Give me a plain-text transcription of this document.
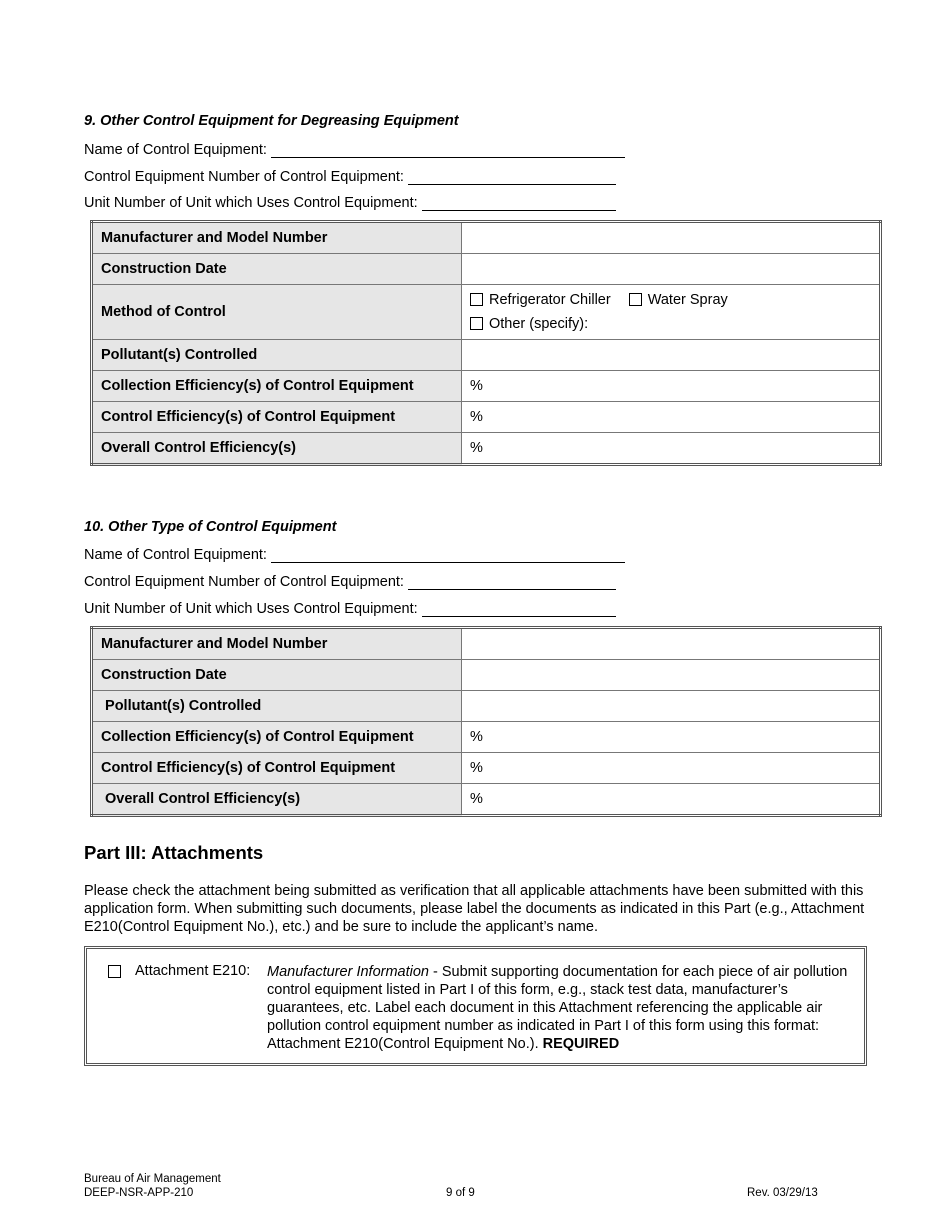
9. Other Control Equipment for Degreasing Equipment
Name of Control Equipment:
Control Equipment Number of Control Equipment:
Unit Number of Unit which Uses Control Equipment:
Manufacturer and Model Number	
Construction Date	
Method of Control	Refrigerator Chiller Water Spray
Other (specify):

Pollutant(s) Controlled	
Collection Efficiency(s) of Control Equipment	%
Control Efficiency(s) of Control Equipment	%
Overall Control Efficiency(s)	%
10. Other Type of Control Equipment
Name of Control Equipment:
Control Equipment Number of Control Equipment:
Unit Number of Unit which Uses Control Equipment:
Manufacturer and Model Number	
Construction Date	
Pollutant(s) Controlled	
Collection Efficiency(s) of Control Equipment	%
Control Efficiency(s) of Control Equipment	%
Overall Control Efficiency(s)	%
Part III: Attachments
Please check the attachment being submitted as verification that all applicable attachments have been submitted with this application form. When submitting such documents, please label the documents as indicated in this Part (e.g., Attachment E210(Control Equipment No.), etc.) and be sure to include the applicant’s name.
Attachment E210: Manufacturer Information - Submit supporting documentation for each piece of air pollution control equipment listed in Part I of this form, e.g., stack test data, manufacturer’s guarantees, etc. Label each document in this Attachment referencing the applicable air pollution control equipment number as indicated in Part I of this form using this format: Attachment E210(Control Equipment No.). REQUIRED
Bureau of Air Management
DEEP-NSR-APP-210	9 of 9	Rev. 03/29/13
